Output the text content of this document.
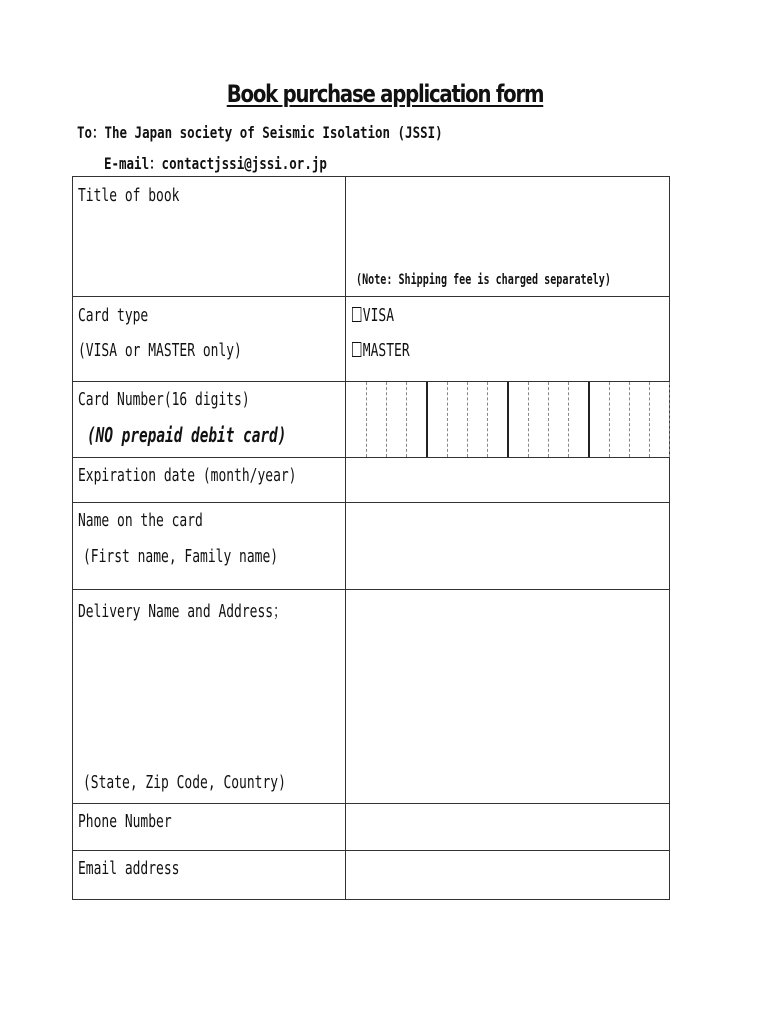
Book purchase application form
To：The Japan society of Seismic Isolation (JSSI)
E-mail：contactjssi@jssi.or.jp
Title of book
(Note: Shipping fee is charged separately)
Card type
(VISA or MASTER only)
VISA
MASTER
Card Number(16 digits)
(NO prepaid debit card)
Expiration date (month/year)
Name on the card
(First name, Family name)
Delivery Name and Address；
(State, Zip Code, Country)
Phone Number
Email address
